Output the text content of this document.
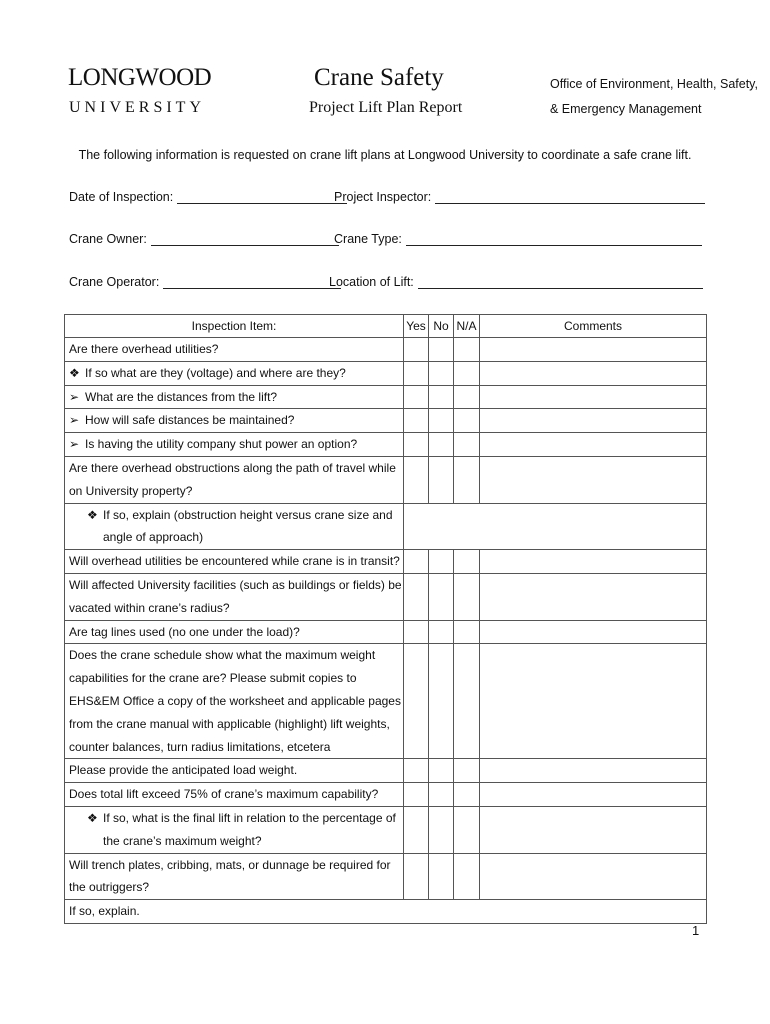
LONGWOOD
UNIVERSITY
Crane Safety
Project Lift Plan Report
Office of Environment, Health, Safety,
& Emergency Management
The following information is requested on crane lift plans at Longwood University to coordinate a safe crane lift.
Date of Inspection:	Project Inspector:
Crane Owner:	Crane Type:
Crane Operator:	Location of Lift:
Inspection Item:	Yes	No	N/A	Comments
Are there overhead utilities?				
❖ If so what are they (voltage) and where are they?				
➢ What are the distances from the lift?				
➢ How will safe distances be maintained?				
➢ Is having the utility company shut power an option?				
Are there overhead obstructions along the path of travel while on University property?				

❖ If so, explain (obstruction height versus crane size and angle of approach)				

Will overhead utilities be encountered while crane is in transit?				
Will affected University facilities (such as buildings or fields) be vacated within crane’s radius?				
Are tag lines used (no one under the load)?				
Does the crane schedule show what the maximum weight capabilities for the crane are? Please submit copies to EHS&EM Office a copy of the worksheet and applicable pages from the crane manual with applicable (highlight) lift weights, counter balances, turn radius limitations, etcetera				
Please provide the anticipated load weight.				
Does total lift exceed 75% of crane’s maximum capability?				

❖ If so, what is the final lift in relation to the percentage of the crane’s maximum weight?				

Will trench plates, cribbing, mats, or dunnage be required for the outriggers?				
If so, explain.				
1
